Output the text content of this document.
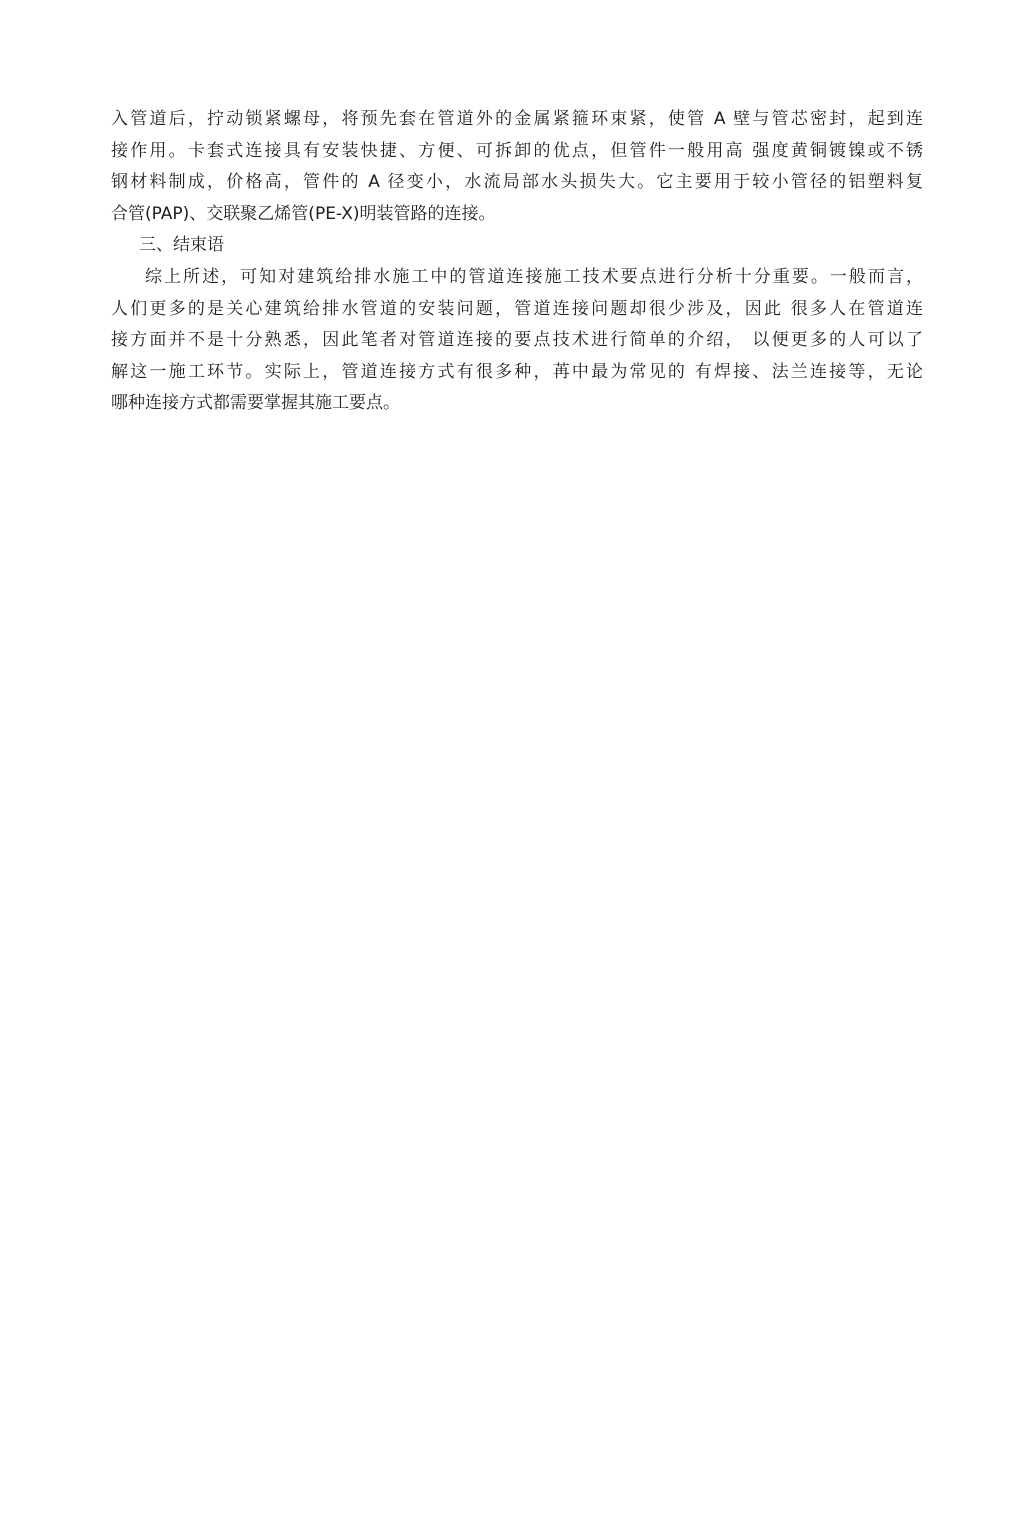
入管道后，拧动锁紧螺母，将预先套在管道外的金属紧箍环束紧，使管 A 壁与管芯密封，起到连
接作用。卡套式连接具有安装快捷、方便、可拆卸的优点，但管件一般用高 强度黄铜镀镍或不锈
钢材料制成，价格高，管件的 A 径变小，水流局部水头损失大。它主要用于较小管径的铝塑料复
合管(PAP)、交联聚乙烯管(PE-X)明装管路的连接。
三、结束语
综上所述，可知对建筑给排水施工中的管道连接施工技术要点进行分析十分重要。一般而言，
人们更多的是关心建筑给排水管道的安装问题，管道连接问题却很少涉及，因此 很多人在管道连
接方面并不是十分熟悉，因此笔者对管道连接的要点技术进行简单的介绍， 以便更多的人可以了
解这一施工环节。实际上，管道连接方式有很多种，苒中最为常见的 有焊接、法兰连接等，无论
哪种连接方式都需要掌握其施工要点。
